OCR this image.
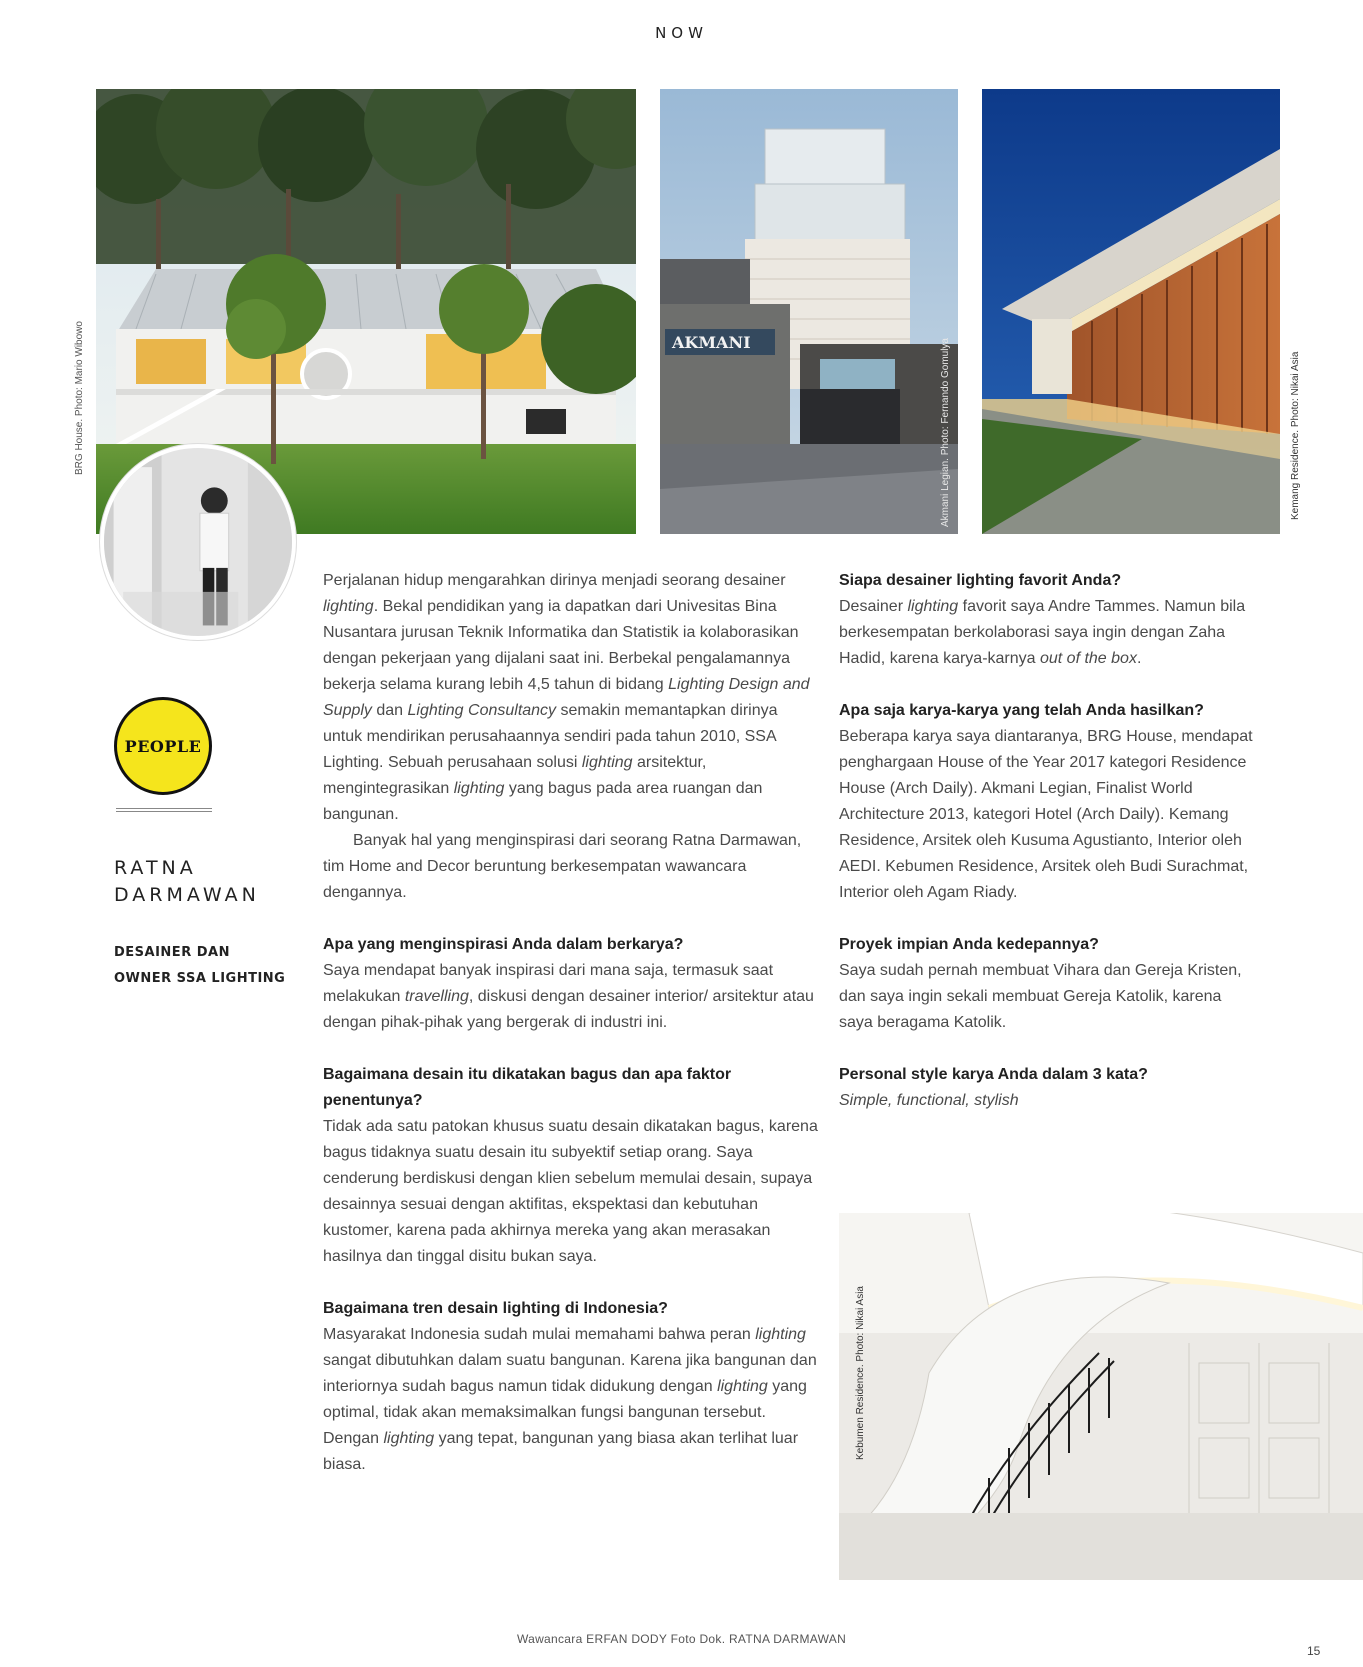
NOW
BRG House. Photo: Mario Wibowo	AKMANI	Akmani Legian. Photo: Fernando Gomulya	Kemang Residence. Photo: Nikai Asia
PEOPLE
RATNA
DARMAWAN
DESAINER DAN
OWNER SSA LIGHTING

Perjalanan hidup mengarahkan dirinya menjadi seorang desainer lighting. Bekal pendidikan yang ia dapatkan dari Univesitas Bina Nusantara jurusan Teknik Informatika dan Statistik ia kolaborasikan dengan pekerjaan yang dijalani saat ini. Berbekal pengalamannya bekerja selama kurang lebih 4,5 tahun di bidang Lighting Design and Supply dan Lighting Consultancy semakin memantapkan dirinya untuk mendirikan perusahaannya sendiri pada tahun 2010, SSA Lighting. Sebuah perusahaan solusi lighting arsitektur, mengintegrasikan lighting yang bagus pada area ruangan dan bangunan.

Banyak hal yang menginspirasi dari seorang Ratna Darmawan, tim Home and Decor beruntung berkesempatan wawancara dengannya.

Apa yang menginspirasi Anda dalam berkarya?

Saya mendapat banyak inspirasi dari mana saja, termasuk saat melakukan travelling, diskusi dengan desainer interior/ arsitektur atau dengan pihak-pihak yang bergerak di industri ini.

Bagaimana desain itu dikatakan bagus dan apa faktor penentunya?

Tidak ada satu patokan khusus suatu desain dikatakan bagus, karena bagus tidaknya suatu desain itu subyektif setiap orang. Saya cenderung berdiskusi dengan klien sebelum memulai desain, supaya desainnya sesuai dengan aktifitas, ekspektasi dan kebutuhan kustomer, karena pada akhirnya mereka yang akan merasakan hasilnya dan tinggal disitu bukan saya.

Bagaimana tren desain lighting di Indonesia?

Masyarakat Indonesia sudah mulai memahami bahwa peran lighting sangat dibutuhkan dalam suatu bangunan. Karena jika bangunan dan interiornya sudah bagus namun tidak didukung dengan lighting yang optimal, tidak akan memaksimalkan fungsi bangunan tersebut. Dengan lighting yang tepat, bangunan yang biasa akan terlihat luar biasa.

Siapa desainer lighting favorit Anda?

Desainer lighting favorit saya Andre Tammes. Namun bila berkesempatan berkolaborasi saya ingin dengan Zaha Hadid, karena karya-karnya out of the box.

Apa saja karya-karya yang telah Anda hasilkan?

Beberapa karya saya diantaranya, BRG House, mendapat penghargaan House of the Year 2017 kategori Residence House (Arch Daily). Akmani Legian, Finalist World Architecture 2013, kategori Hotel (Arch Daily). Kemang Residence, Arsitek oleh Kusuma Agustianto, Interior oleh AEDI. Kebumen Residence, Arsitek oleh Budi Surachmat, Interior oleh Agam Riady.

Proyek impian Anda kedepannya?

Saya sudah pernah membuat Vihara dan Gereja Kristen, dan saya ingin sekali membuat Gereja Katolik, karena saya beragama Katolik.

Personal style karya Anda dalam 3 kata?

Simple, functional, stylish

Kebumen Residence. Photo: Nikai Asia
Wawancara ERFAN DODY Foto Dok. RATNA DARMAWAN
15
